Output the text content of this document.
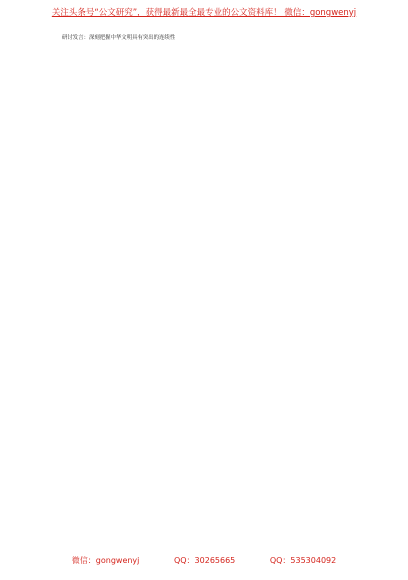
关注头条号“公文研究”，获得最新最全最专业的公文资料库！ 微信：gongwenyj
研讨发言：深刻把握中华文明具有突出的连续性
微信：gongwenyj	QQ：30265665	QQ：535304092
